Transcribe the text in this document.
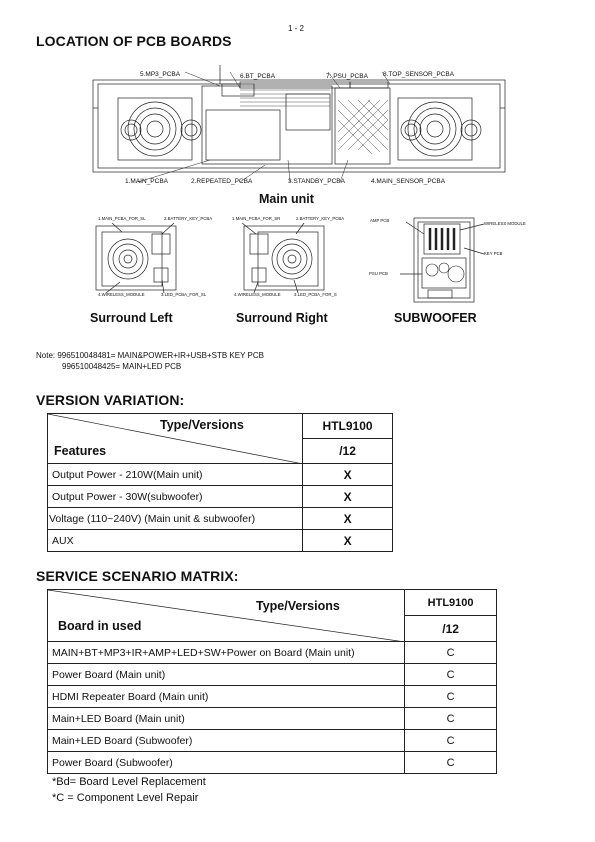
1 - 2
LOCATION OF PCB BOARDS
5.MP3_PCBA	6.BT_PCBA	7: PSU_PCBA 8.TOP_SENSOR_PCBA
1.MAIN_PCBA	2.REPEATED_PCBA	3.STANDBY_PCBA	4.MAIN_SENSOR_PCBA
Main unit
1.MAIN_PCBA_FOR_SL	2.BATTERY_KEY_PCBA
4.WIRELESS_MODULE	3.LED_PCBA_FOR_SL
1.MAIN_PCBA_FOR_SR	2.BATTERY_KEY_PCBA
4.WIRELESS_MODULE	3.LED_PCBA_FOR_S
AMP PCB
WIRELESS MODULE
KEY PCB
PSU PCB
Surround Left	Surround Right	SUBWOOFER
Note: 996510048481= MAIN&POWER+IR+USB+STB KEY PCB
996510048425= MAIN+LED PCB
VERSION VARIATION:
Type/Versions
Features	HTL9100
	/12
Output Power - 210W(Main unit)	X
Output Power - 30W(subwoofer)	X
Voltage (110~240V) (Main unit & subwoofer)	X
AUX	X
SERVICE SCENARIO MATRIX:
Type/Versions
Board in used	HTL9100
	/12
MAIN+BT+MP3+IR+AMP+LED+SW+Power on Board (Main unit)	C
Power Board (Main unit)	C
HDMI Repeater Board (Main unit)	C
Main+LED Board (Main unit)	C
Main+LED Board (Subwoofer)	C
Power Board (Subwoofer)	C
*Bd= Board Level Replacement
*C = Component Level Repair
